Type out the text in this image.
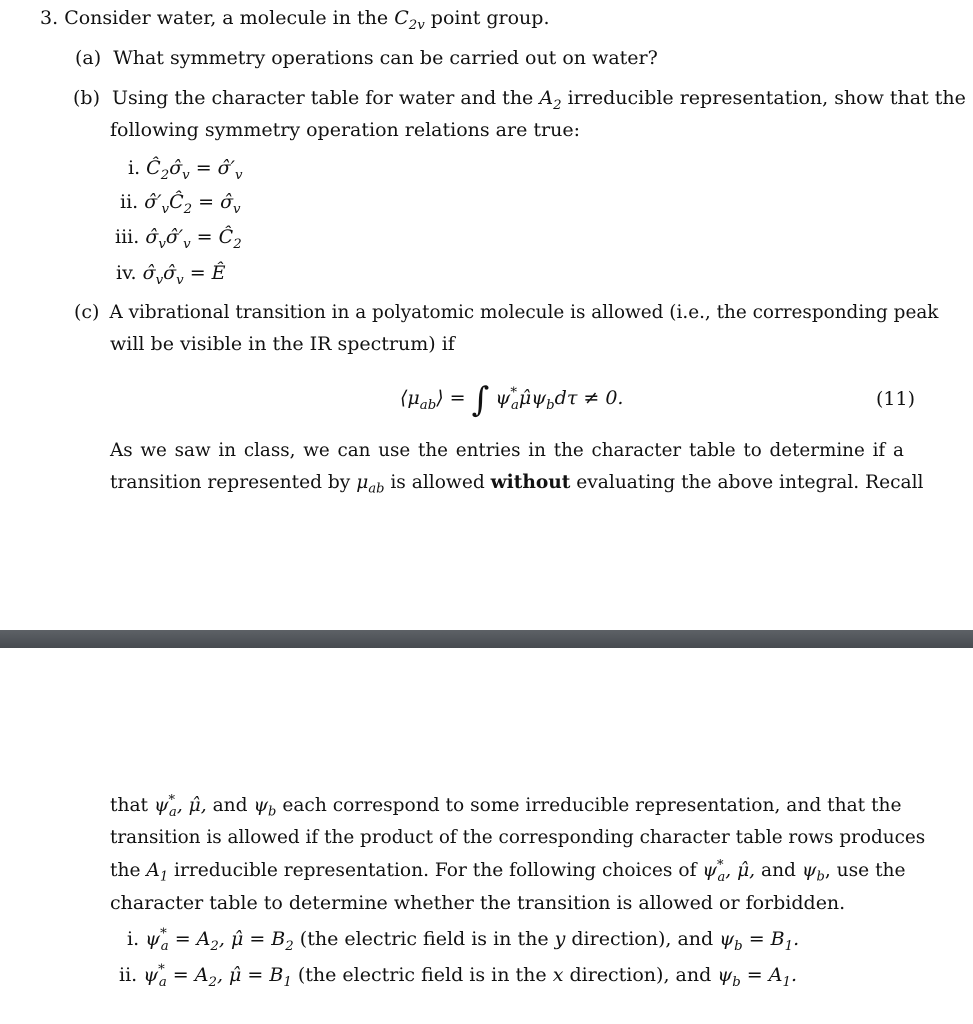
3. Consider water, a molecule in the $C_{2v}$ point group.
(a) What symmetry operations can be carried out on water?
(b) Using the character table for water and the $A_2$ irreducible representation, show that the
following symmetry operation relations are true:
i. $Ĉ_2\sigmâ_v$ = $\sigmâ'_v$
ii. $\sigmâ'_vĈ_2$ = $\sigmâ_v$
iii. $\sigmâ_v\sigmâ'_v$ = $Ĉ_2$
iv. $\sigmâ_v\sigmâ_v$ = Ê
(c) A vibrational transition in a polyatomic molecule is allowed (i.e., the corresponding peak
will be visible in the IR spectrum) if
$⟨\mu_{ab}⟩$ = ∫ $\psi^*_a\mû\psi_bd\tau \ne 0$.	(11)
As we saw in class, we can use the entries in the character table to determine if a
transition represented by $\mu_{ab}$ is allowed without evaluating the above integral. Recall
that $\psi^*_a$, μ̂, and $\psi_b$ each correspond to some irreducible representation, and that the
transition is allowed if the product of the corresponding character table rows produces
the $A_1$ irreducible representation. For the following choices of $\psi^*_a$, μ̂, and $\psi_b$, use the
character table to determine whether the transition is allowed or forbidden.
i. $\psi^*_a = A_2$, μ̂ = $B_2$ (the electric field is in the y direction), and $\psi_b = B_1$.
ii. $\psi^*_a = A_2$, μ̂ = $B_1$ (the electric field is in the x direction), and $\psi_b = A_1$.
